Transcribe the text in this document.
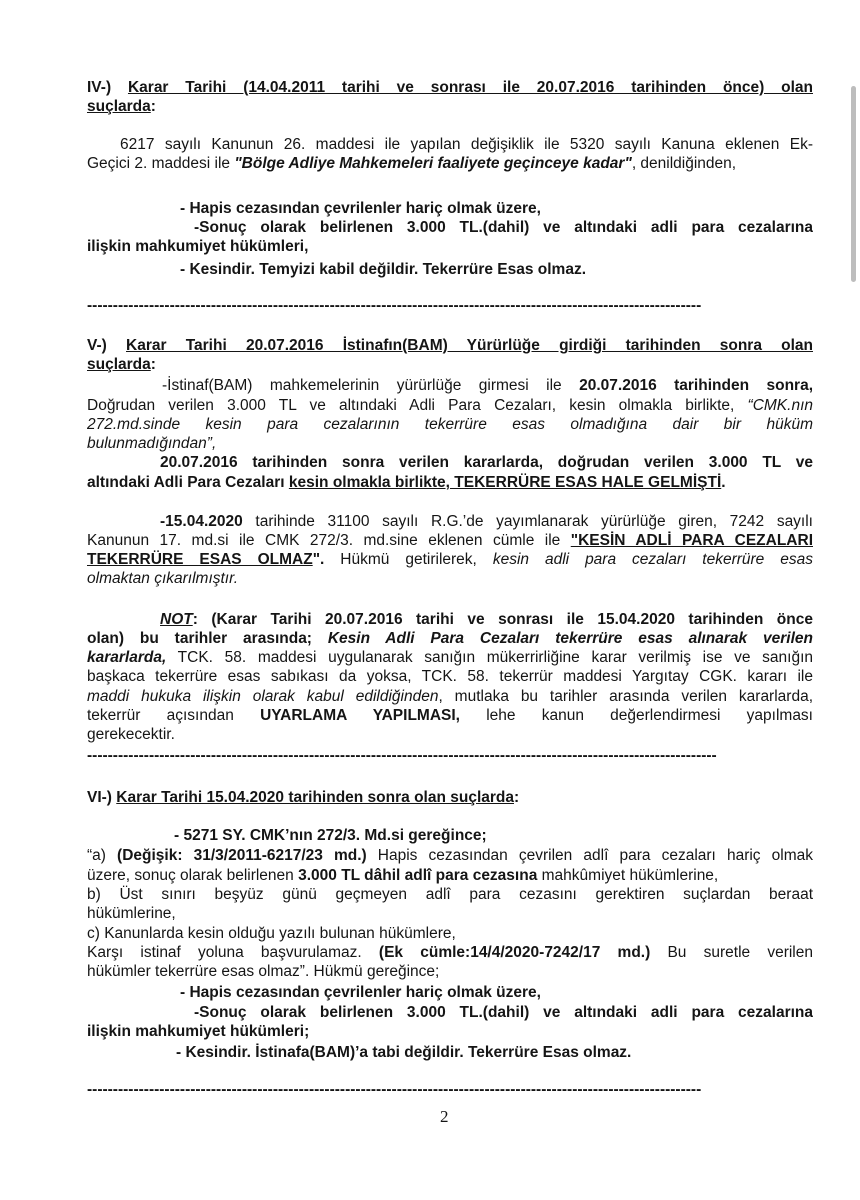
IV-) Karar Tarihi (14.04.2011 tarihi ve sonrası ile 20.07.2016 tarihinden önce) olan
suçlarda:
6217 sayılı Kanunun 26. maddesi ile yapılan değişiklik ile 5320 sayılı Kanuna eklenen Ek-
Geçici 2. maddesi ile "Bölge Adliye Mahkemeleri faaliyete geçinceye kadar", denildiğinden,
- Hapis cezasından çevrilenler hariç olmak üzere,
-Sonuç olarak belirlenen 3.000 TL.(dahil) ve altındaki adli para cezalarına
ilişkin mahkumiyet hükümleri,
- Kesindir. Temyizi kabil değildir. Tekerrüre Esas olmaz.
-----------------------------------------------------------------------------------------------------------------------
V-) Karar Tarihi 20.07.2016 İstinafın(BAM) Yürürlüğe girdiği tarihinden sonra olan
suçlarda:
-İstinaf(BAM) mahkemelerinin yürürlüğe girmesi ile 20.07.2016 tarihinden sonra,
Doğrudan verilen 3.000 TL ve altındaki Adli Para Cezaları, kesin olmakla birlikte, “CMK.nın
272.md.sinde kesin para cezalarının tekerrüre esas olmadığına dair bir hüküm
bulunmadığından”,
20.07.2016 tarihinden sonra verilen kararlarda, doğrudan verilen 3.000 TL ve
altındaki Adli Para Cezaları kesin olmakla birlikte, TEKERRÜRE ESAS HALE GELMİŞTİ.
-15.04.2020 tarihinde 31100 sayılı R.G.’de yayımlanarak yürürlüğe giren, 7242 sayılı
Kanunun 17. md.si ile CMK 272/3. md.sine eklenen cümle ile "KESİN ADLİ PARA CEZALARI
TEKERRÜRE ESAS OLMAZ". Hükmü getirilerek, kesin adli para cezaları tekerrüre esas
olmaktan çıkarılmıştır.
NOT: (Karar Tarihi 20.07.2016 tarihi ve sonrası ile 15.04.2020 tarihinden önce
olan) bu tarihler arasında; Kesin Adli Para Cezaları tekerrüre esas alınarak verilen
kararlarda, TCK. 58. maddesi uygulanarak sanığın mükerrirliğine karar verilmiş ise ve sanığın
başkaca tekerrüre esas sabıkası da yoksa, TCK. 58. tekerrür maddesi Yargıtay CGK. kararı ile
maddi hukuka ilişkin olarak kabul edildiğinden, mutlaka bu tarihler arasında verilen kararlarda,
tekerrür açısından UYARLAMA YAPILMASI, lehe kanun değerlendirmesi yapılması
gerekecektir.
--------------------------------------------------------------------------------------------------------------------------
VI-) Karar Tarihi 15.04.2020 tarihinden sonra olan suçlarda:
- 5271 SY. CMK’nın 272/3. Md.si gereğince;
“a) (Değişik: 31/3/2011-6217/23 md.) Hapis cezasından çevrilen adlî para cezaları hariç olmak
üzere, sonuç olarak belirlenen 3.000 TL dâhil adlî para cezasına mahkûmiyet hükümlerine,
b) Üst sınırı beşyüz günü geçmeyen adlî para cezasını gerektiren suçlardan beraat
hükümlerine,
c) Kanunlarda kesin olduğu yazılı bulunan hükümlere,
Karşı istinaf yoluna başvurulamaz. (Ek cümle:14/4/2020-7242/17 md.) Bu suretle verilen
hükümler tekerrüre esas olmaz”. Hükmü gereğince;
- Hapis cezasından çevrilenler hariç olmak üzere,
-Sonuç olarak belirlenen 3.000 TL.(dahil) ve altındaki adli para cezalarına
ilişkin mahkumiyet hükümleri;
- Kesindir. İstinafa(BAM)’a tabi değildir. Tekerrüre Esas olmaz.
-----------------------------------------------------------------------------------------------------------------------
2
